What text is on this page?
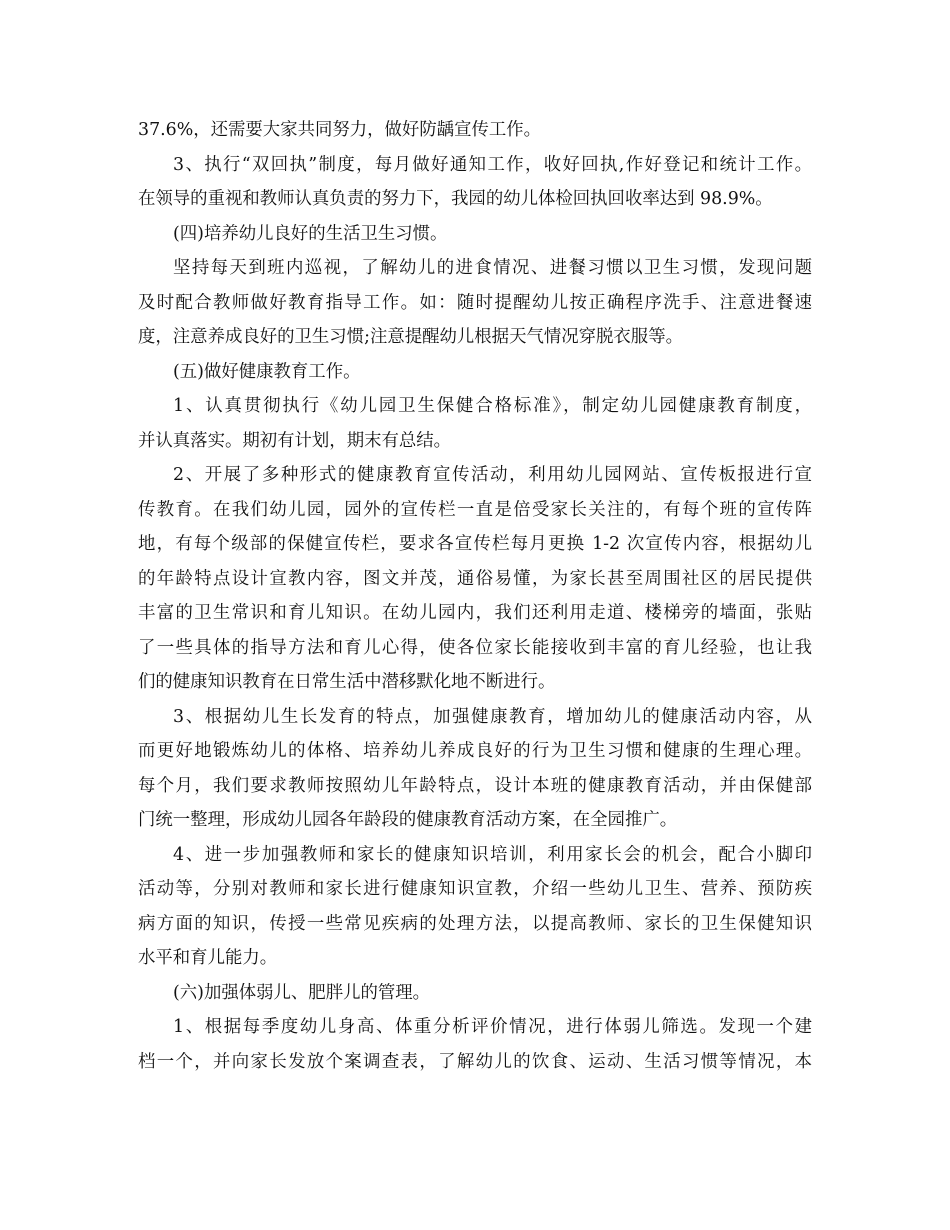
37.6%，还需要大家共同努力，做好防龋宣传工作。
3、执行“双回执”制度，每月做好通知工作，收好回执,作好登记和统计工作。
在领导的重视和教师认真负责的努力下，我园的幼儿体检回执回收率达到 98.9%。
(四)培养幼儿良好的生活卫生习惯。
坚持每天到班内巡视，了解幼儿的进食情况、进餐习惯以卫生习惯，发现问题
及时配合教师做好教育指导工作。如：随时提醒幼儿按正确程序洗手、注意进餐速
度，注意养成良好的卫生习惯;注意提醒幼儿根据天气情况穿脱衣服等。
(五)做好健康教育工作。
1、认真贯彻执行《幼儿园卫生保健合格标准》，制定幼儿园健康教育制度，
并认真落实。期初有计划，期末有总结。
2、开展了多种形式的健康教育宣传活动，利用幼儿园网站、宣传板报进行宣
传教育。在我们幼儿园，园外的宣传栏一直是倍受家长关注的，有每个班的宣传阵
地，有每个级部的保健宣传栏，要求各宣传栏每月更换 1-2 次宣传内容，根据幼儿
的年龄特点设计宣教内容，图文并茂，通俗易懂，为家长甚至周围社区的居民提供
丰富的卫生常识和育儿知识。在幼儿园内，我们还利用走道、楼梯旁的墙面，张贴
了一些具体的指导方法和育儿心得，使各位家长能接收到丰富的育儿经验，也让我
们的健康知识教育在日常生活中潜移默化地不断进行。
3、根据幼儿生长发育的特点，加强健康教育，增加幼儿的健康活动内容，从
而更好地锻炼幼儿的体格、培养幼儿养成良好的行为卫生习惯和健康的生理心理。
每个月，我们要求教师按照幼儿年龄特点，设计本班的健康教育活动，并由保健部
门统一整理，形成幼儿园各年龄段的健康教育活动方案，在全园推广。
4、进一步加强教师和家长的健康知识培训，利用家长会的机会，配合小脚印
活动等，分别对教师和家长进行健康知识宣教，介绍一些幼儿卫生、营养、预防疾
病方面的知识，传授一些常见疾病的处理方法，以提高教师、家长的卫生保健知识
水平和育儿能力。
(六)加强体弱儿、肥胖儿的管理。
1、根据每季度幼儿身高、体重分析评价情况，进行体弱儿筛选。发现一个建
档一个，并向家长发放个案调查表，了解幼儿的饮食、运动、生活习惯等情况，本
